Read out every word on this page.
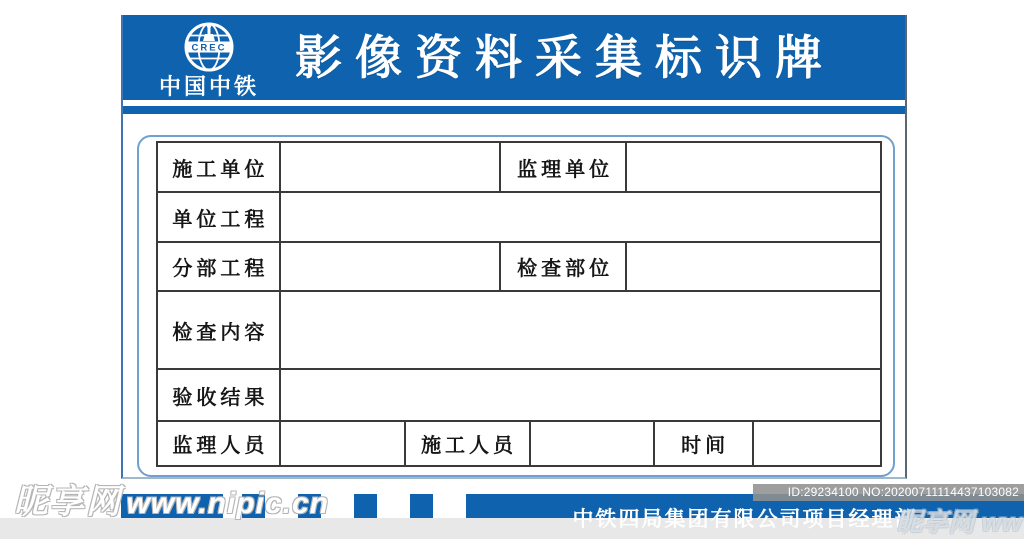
CREC
中国中铁
影像资料采集标识牌
施工单位	监理单位
单位工程
分部工程	检查部位
检查内容
验收结果
监理人员	施工人员	时间
中铁四局集团有限公司项目经理部
ID:29234100 NO:20200711114437103082
昵享网 www.nipic.cn
昵享网 ww
